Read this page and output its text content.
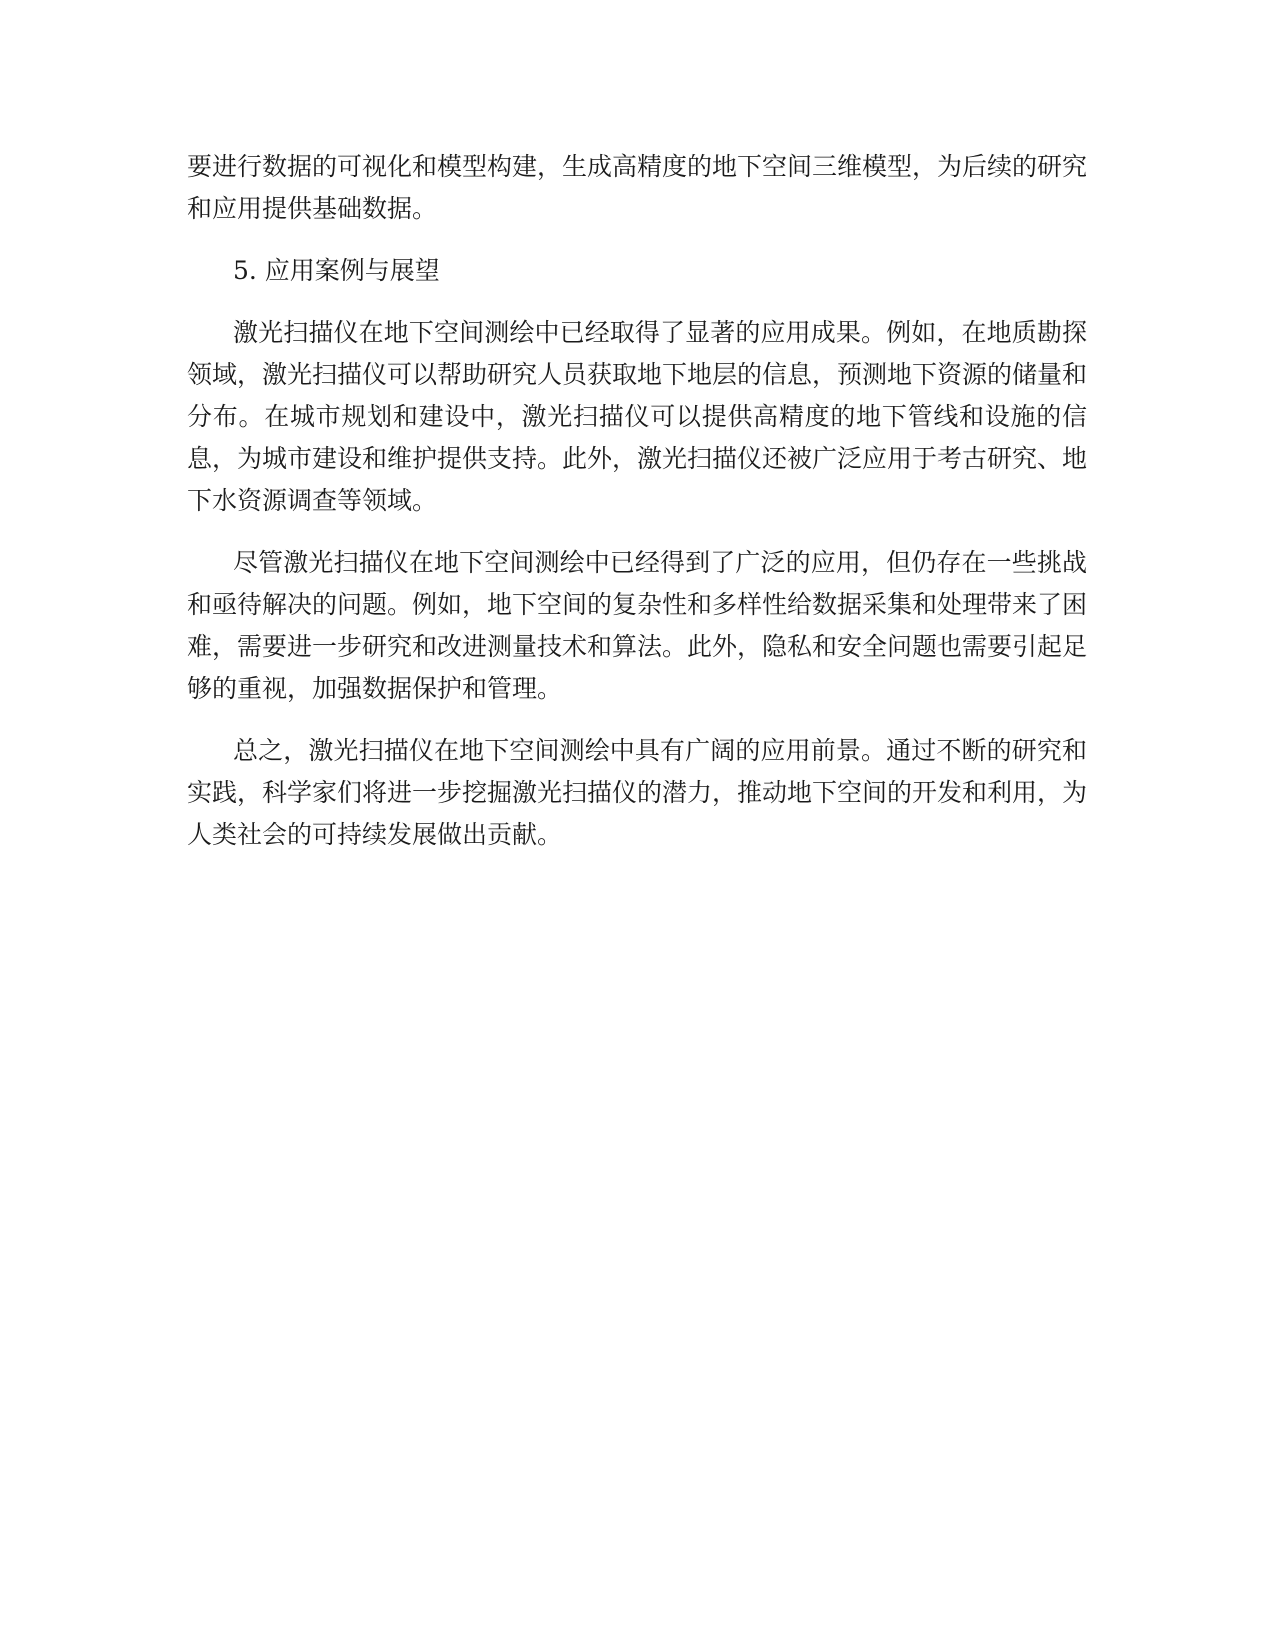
要进行数据的可视化和模型构建，生成高精度的地下空间三维模型，为后续的研究和应用提供基础数据。

5. 应用案例与展望

激光扫描仪在地下空间测绘中已经取得了显著的应用成果。例如，在地质勘探领域，激光扫描仪可以帮助研究人员获取地下地层的信息，预测地下资源的储量和分布。在城市规划和建设中，激光扫描仪可以提供高精度的地下管线和设施的信息，为城市建设和维护提供支持。此外，激光扫描仪还被广泛应用于考古研究、地下水资源调查等领域。

尽管激光扫描仪在地下空间测绘中已经得到了广泛的应用，但仍存在一些挑战和亟待解决的问题。例如，地下空间的复杂性和多样性给数据采集和处理带来了困难，需要进一步研究和改进测量技术和算法。此外，隐私和安全问题也需要引起足够的重视，加强数据保护和管理。

总之，激光扫描仪在地下空间测绘中具有广阔的应用前景。通过不断的研究和实践，科学家们将进一步挖掘激光扫描仪的潜力，推动地下空间的开发和利用，为人类社会的可持续发展做出贡献。
